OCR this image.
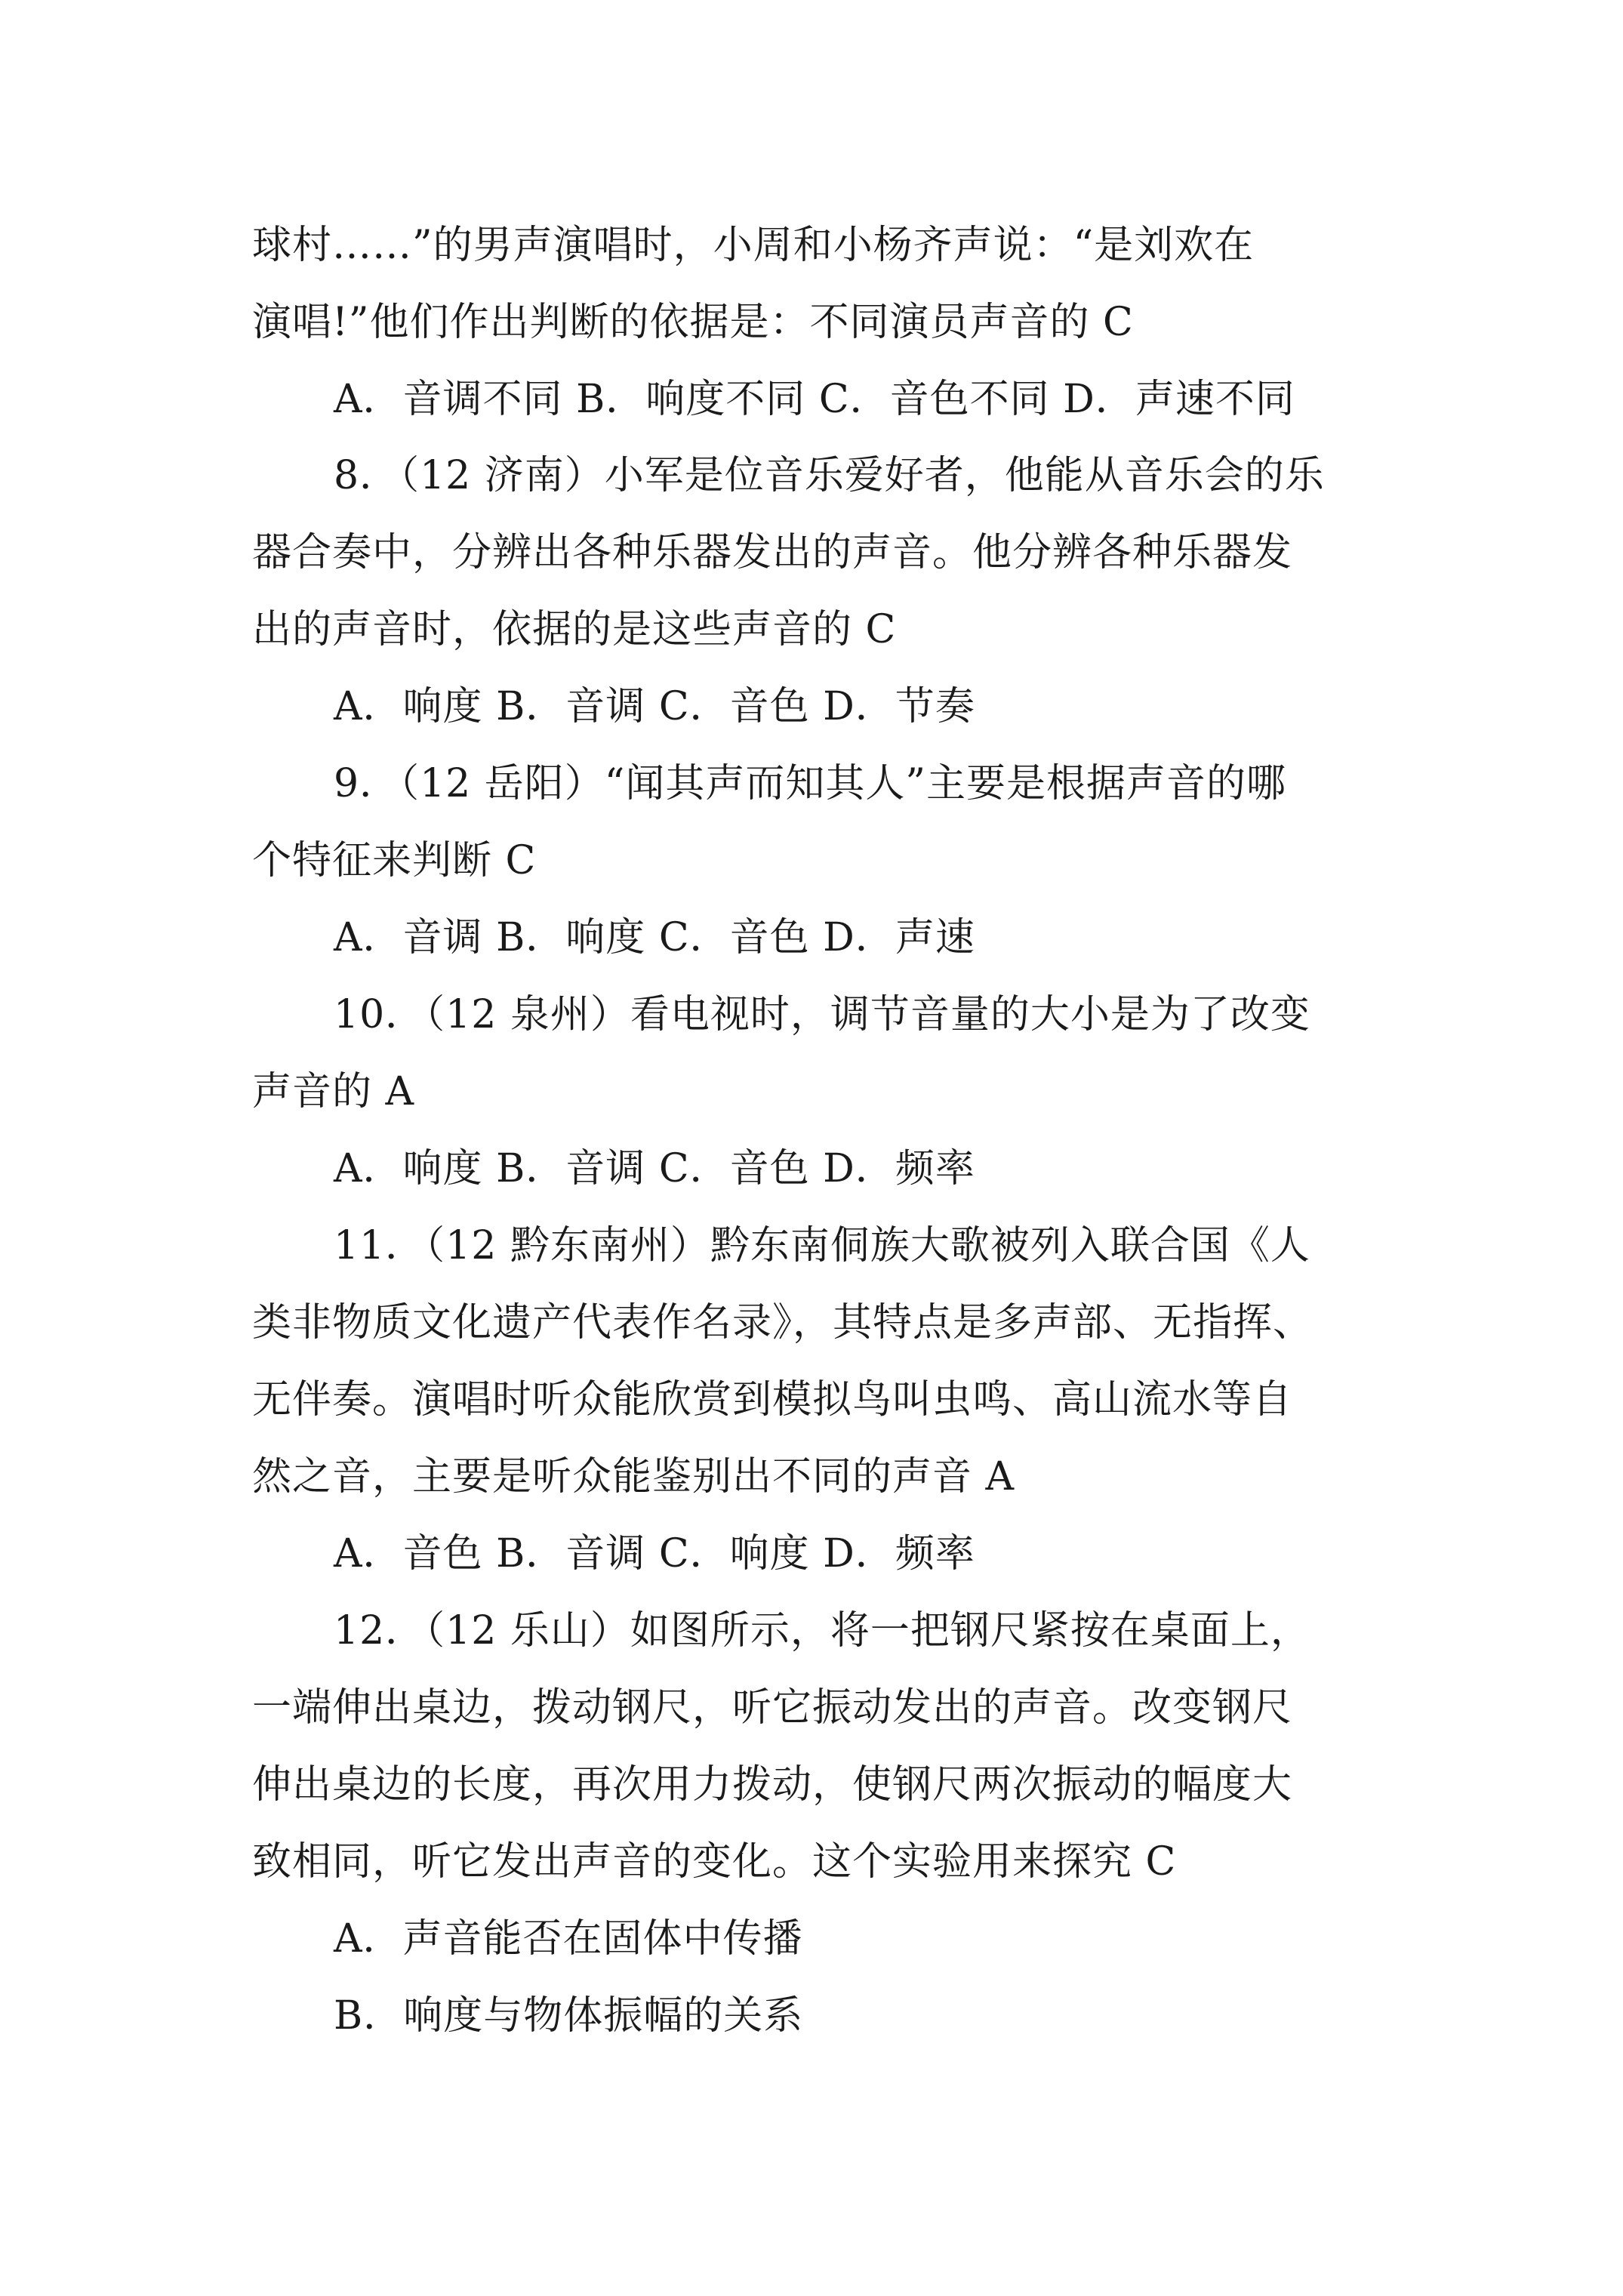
球村……”的男声演唱时，小周和小杨齐声说：“是刘欢在
演唱!”他们作出判断的依据是：不同演员声音的 C
A．音调不同 B．响度不同 C．音色不同 D．声速不同
8．（12 济南）小军是位音乐爱好者，他能从音乐会的乐
器合奏中，分辨出各种乐器发出的声音。他分辨各种乐器发
出的声音时，依据的是这些声音的 C
A．响度 B．音调 C．音色 D．节奏
9．（12 岳阳）“闻其声而知其人”主要是根据声音的哪
个特征来判断 C
A．音调 B．响度 C．音色 D．声速
10．（12 泉州）看电视时，调节音量的大小是为了改变
声音的 A
A．响度 B．音调 C．音色 D．频率
11．（12 黔东南州）黔东南侗族大歌被列入联合国《人
类非物质文化遗产代表作名录》，其特点是多声部、无指挥、
无伴奏。演唱时听众能欣赏到模拟鸟叫虫鸣、高山流水等自
然之音，主要是听众能鉴别出不同的声音 A
A．音色 B．音调 C．响度 D．频率
12．（12 乐山）如图所示，将一把钢尺紧按在桌面上，
一端伸出桌边，拨动钢尺，听它振动发出的声音。改变钢尺
伸出桌边的长度，再次用力拨动，使钢尺两次振动的幅度大
致相同，听它发出声音的变化。这个实验用来探究 C
A．声音能否在固体中传播
B．响度与物体振幅的关系
